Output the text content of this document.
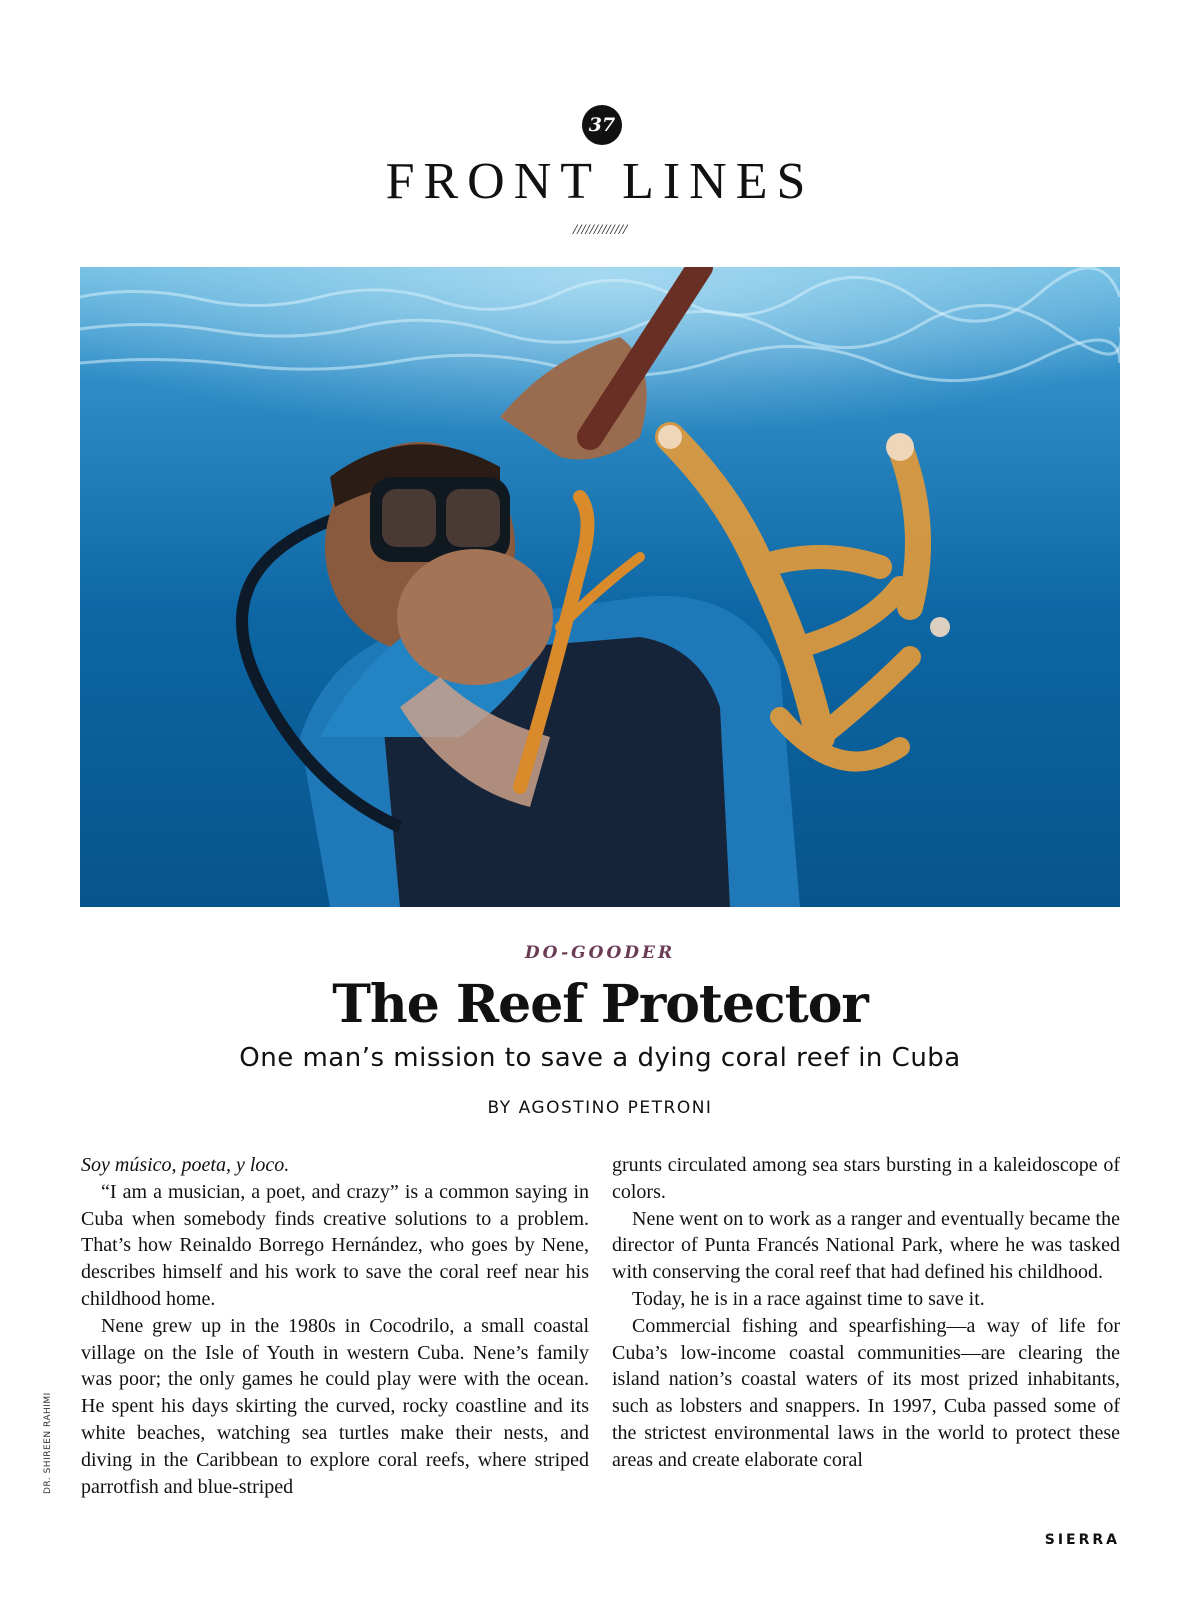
37
FRONT LINES
/////////////
DO-GOODER
The Reef Protector
One man’s mission to save a dying coral reef in Cuba
BY AGOSTINO PETRONI

Soy músico, poeta, y loco.

“I am a musician, a poet, and crazy” is a common saying in Cuba when somebody finds creative solutions to a problem. That’s how Reinaldo Borrego Hernández, who goes by Nene, describes himself and his work to save the coral reef near his childhood home.

Nene grew up in the 1980s in Cocodrilo, a small coastal village on the Isle of Youth in western Cuba. Nene’s family was poor; the only games he could play were with the ocean. He spent his days skirting the curved, rocky coastline and its white beaches, watching sea turtles make their nests, and diving in the Caribbean to explore coral reefs, where striped parrotfish and blue-striped

grunts circulated among sea stars bursting in a kaleidoscope of colors.

Nene went on to work as a ranger and eventually became the director of Punta Francés National Park, where he was tasked with conserving the coral reef that had defined his childhood.

Today, he is in a race against time to save it.

Commercial fishing and spearfishing—a way of life for Cuba’s low-income coastal communities—are clearing the island nation’s coastal waters of its most prized inhabitants, such as lobsters and snappers. In 1997, Cuba passed some of the strictest environmental laws in the world to protect these areas and create elaborate coral

DR. SHIREEN RAHIMI
SIERRA
